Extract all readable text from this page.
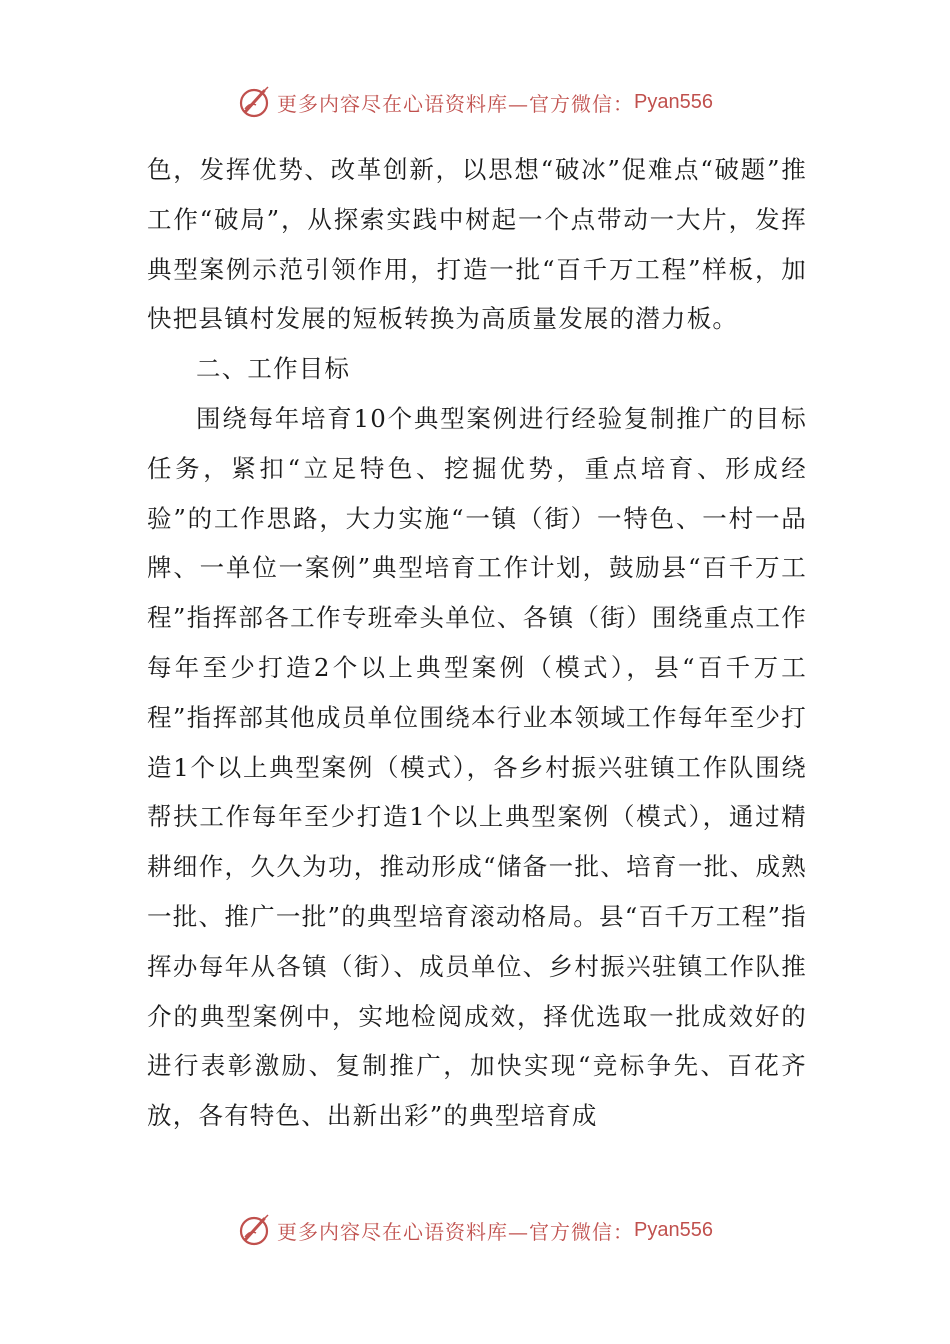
更多内容尽在心语资料库—官方微信： Pyan556

色，发挥优势、改革创新，以思想“破冰”促难点“破题”推工作“破局”，从探索实践中树起一个点带动一大片，发挥典型案例示范引领作用，打造一批“百千万工程”样板，加快把县镇村发展的短板转换为高质量发展的潜力板。

二、工作目标

围绕每年培育10个典型案例进行经验复制推广的目标任务，紧扣“立足特色、挖掘优势，重点培育、形成经验”的工作思路，大力实施“一镇（街）一特色、一村一品牌、一单位一案例”典型培育工作计划，鼓励县“百千万工程”指挥部各工作专班牵头单位、各镇（街）围绕重点工作每年至少打造2个以上典型案例（模式），县“百千万工程”指挥部其他成员单位围绕本行业本领域工作每年至少打造1个以上典型案例（模式），各乡村振兴驻镇工作队围绕帮扶工作每年至少打造1个以上典型案例（模式），通过精耕细作，久久为功，推动形成“储备一批、培育一批、成熟一批、推广一批”的典型培育滚动格局。县“百千万工程”指挥办每年从各镇（街）、成员单位、乡村振兴驻镇工作队推介的典型案例中，实地检阅成效，择优选取一批成效好的进行表彰激励、复制推广，加快实现“竞标争先、百花齐放，各有特色、出新出彩”的典型培育成

更多内容尽在心语资料库—官方微信： Pyan556
